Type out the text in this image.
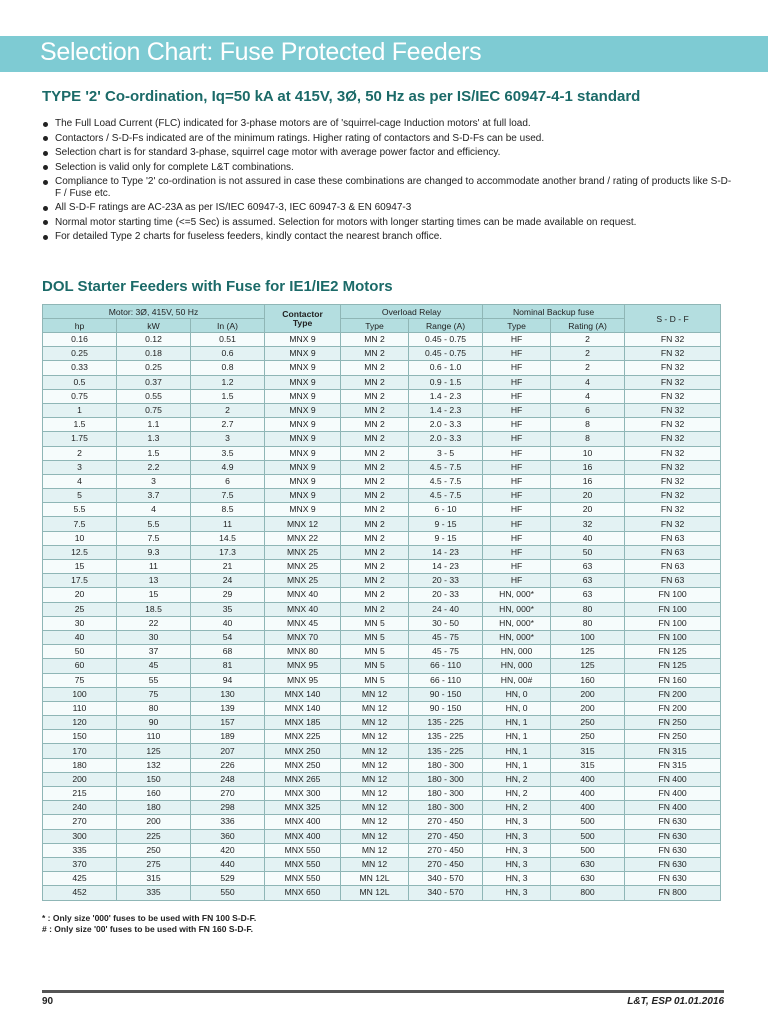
Selection Chart: Fuse Protected Feeders
TYPE '2' Co-ordination, Iq=50 kA at 415V, 3Ø, 50 Hz as per IS/IEC 60947-4-1 standard
The Full Load Current (FLC) indicated for 3-phase motors are of 'squirrel-cage Induction motors' at full load.
Contactors / S-D-Fs indicated are of the minimum ratings. Higher rating of contactors and S-D-Fs can be used.
Selection chart is for standard 3-phase, squirrel cage motor with average power factor and efficiency.
Selection is valid only for complete L&T combinations.
Compliance to Type '2' co-ordination is not assured in case these combinations are changed to accommodate another brand / rating of products like S-D-F / Fuse etc.
All S-D-F ratings are AC-23A as per IS/IEC 60947-3, IEC 60947-3 & EN 60947-3
Normal motor starting time (<=5 Sec) is assumed. Selection for motors with longer starting times can be made available on request.
For detailed Type 2 charts for fuseless feeders, kindly contact the nearest branch office.
DOL Starter Feeders with Fuse for IE1/IE2 Motors
Motor: 3Ø, 415V, 50 Hz			Contactor
Type	Overload Relay		Nominal Backup fuse		S - D - F
hp	kW	In (A)		Type	Range (A)	Type	Rating (A)	
0.16	0.12	0.51	MNX 9	MN 2	0.45 - 0.75	HF	2	FN 32
0.25	0.18	0.6	MNX 9	MN 2	0.45 - 0.75	HF	2	FN 32
0.33	0.25	0.8	MNX 9	MN 2	0.6 - 1.0	HF	2	FN 32
0.5	0.37	1.2	MNX 9	MN 2	0.9 - 1.5	HF	4	FN 32
0.75	0.55	1.5	MNX 9	MN 2	1.4 - 2.3	HF	4	FN 32
1	0.75	2	MNX 9	MN 2	1.4 - 2.3	HF	6	FN 32
1.5	1.1	2.7	MNX 9	MN 2	2.0 - 3.3	HF	8	FN 32
1.75	1.3	3	MNX 9	MN 2	2.0 - 3.3	HF	8	FN 32
2	1.5	3.5	MNX 9	MN 2	3 - 5	HF	10	FN 32
3	2.2	4.9	MNX 9	MN 2	4.5 - 7.5	HF	16	FN 32
4	3	6	MNX 9	MN 2	4.5 - 7.5	HF	16	FN 32
5	3.7	7.5	MNX 9	MN 2	4.5 - 7.5	HF	20	FN 32
5.5	4	8.5	MNX 9	MN 2	6 - 10	HF	20	FN 32
7.5	5.5	11	MNX 12	MN 2	9 - 15	HF	32	FN 32
10	7.5	14.5	MNX 22	MN 2	9 - 15	HF	40	FN 63
12.5	9.3	17.3	MNX 25	MN 2	14 - 23	HF	50	FN 63
15	11	21	MNX 25	MN 2	14 - 23	HF	63	FN 63
17.5	13	24	MNX 25	MN 2	20 - 33	HF	63	FN 63
20	15	29	MNX 40	MN 2	20 - 33	HN, 000*	63	FN 100
25	18.5	35	MNX 40	MN 2	24 - 40	HN, 000*	80	FN 100
30	22	40	MNX 45	MN 5	30 - 50	HN, 000*	80	FN 100
40	30	54	MNX 70	MN 5	45 - 75	HN, 000*	100	FN 100
50	37	68	MNX 80	MN 5	45 - 75	HN, 000	125	FN 125
60	45	81	MNX 95	MN 5	66 - 110	HN, 000	125	FN 125
75	55	94	MNX 95	MN 5	66 - 110	HN, 00#	160	FN 160
100	75	130	MNX 140	MN 12	90 - 150	HN, 0	200	FN 200
110	80	139	MNX 140	MN 12	90 - 150	HN, 0	200	FN 200
120	90	157	MNX 185	MN 12	135 - 225	HN, 1	250	FN 250
150	110	189	MNX 225	MN 12	135 - 225	HN, 1	250	FN 250
170	125	207	MNX 250	MN 12	135 - 225	HN, 1	315	FN 315
180	132	226	MNX 250	MN 12	180 - 300	HN, 1	315	FN 315
200	150	248	MNX 265	MN 12	180 - 300	HN, 2	400	FN 400
215	160	270	MNX 300	MN 12	180 - 300	HN, 2	400	FN 400
240	180	298	MNX 325	MN 12	180 - 300	HN, 2	400	FN 400
270	200	336	MNX 400	MN 12	270 - 450	HN, 3	500	FN 630
300	225	360	MNX 400	MN 12	270 - 450	HN, 3	500	FN 630
335	250	420	MNX 550	MN 12	270 - 450	HN, 3	500	FN 630
370	275	440	MNX 550	MN 12	270 - 450	HN, 3	630	FN 630
425	315	529	MNX 550	MN 12L	340 - 570	HN, 3	630	FN 630
452	335	550	MNX 650	MN 12L	340 - 570	HN, 3	800	FN 800
* : Only size '000' fuses to be used with FN 100 S-D-F.
# : Only size '00' fuses to be used with FN 160 S-D-F.
90	L&T, ESP 01.01.2016
